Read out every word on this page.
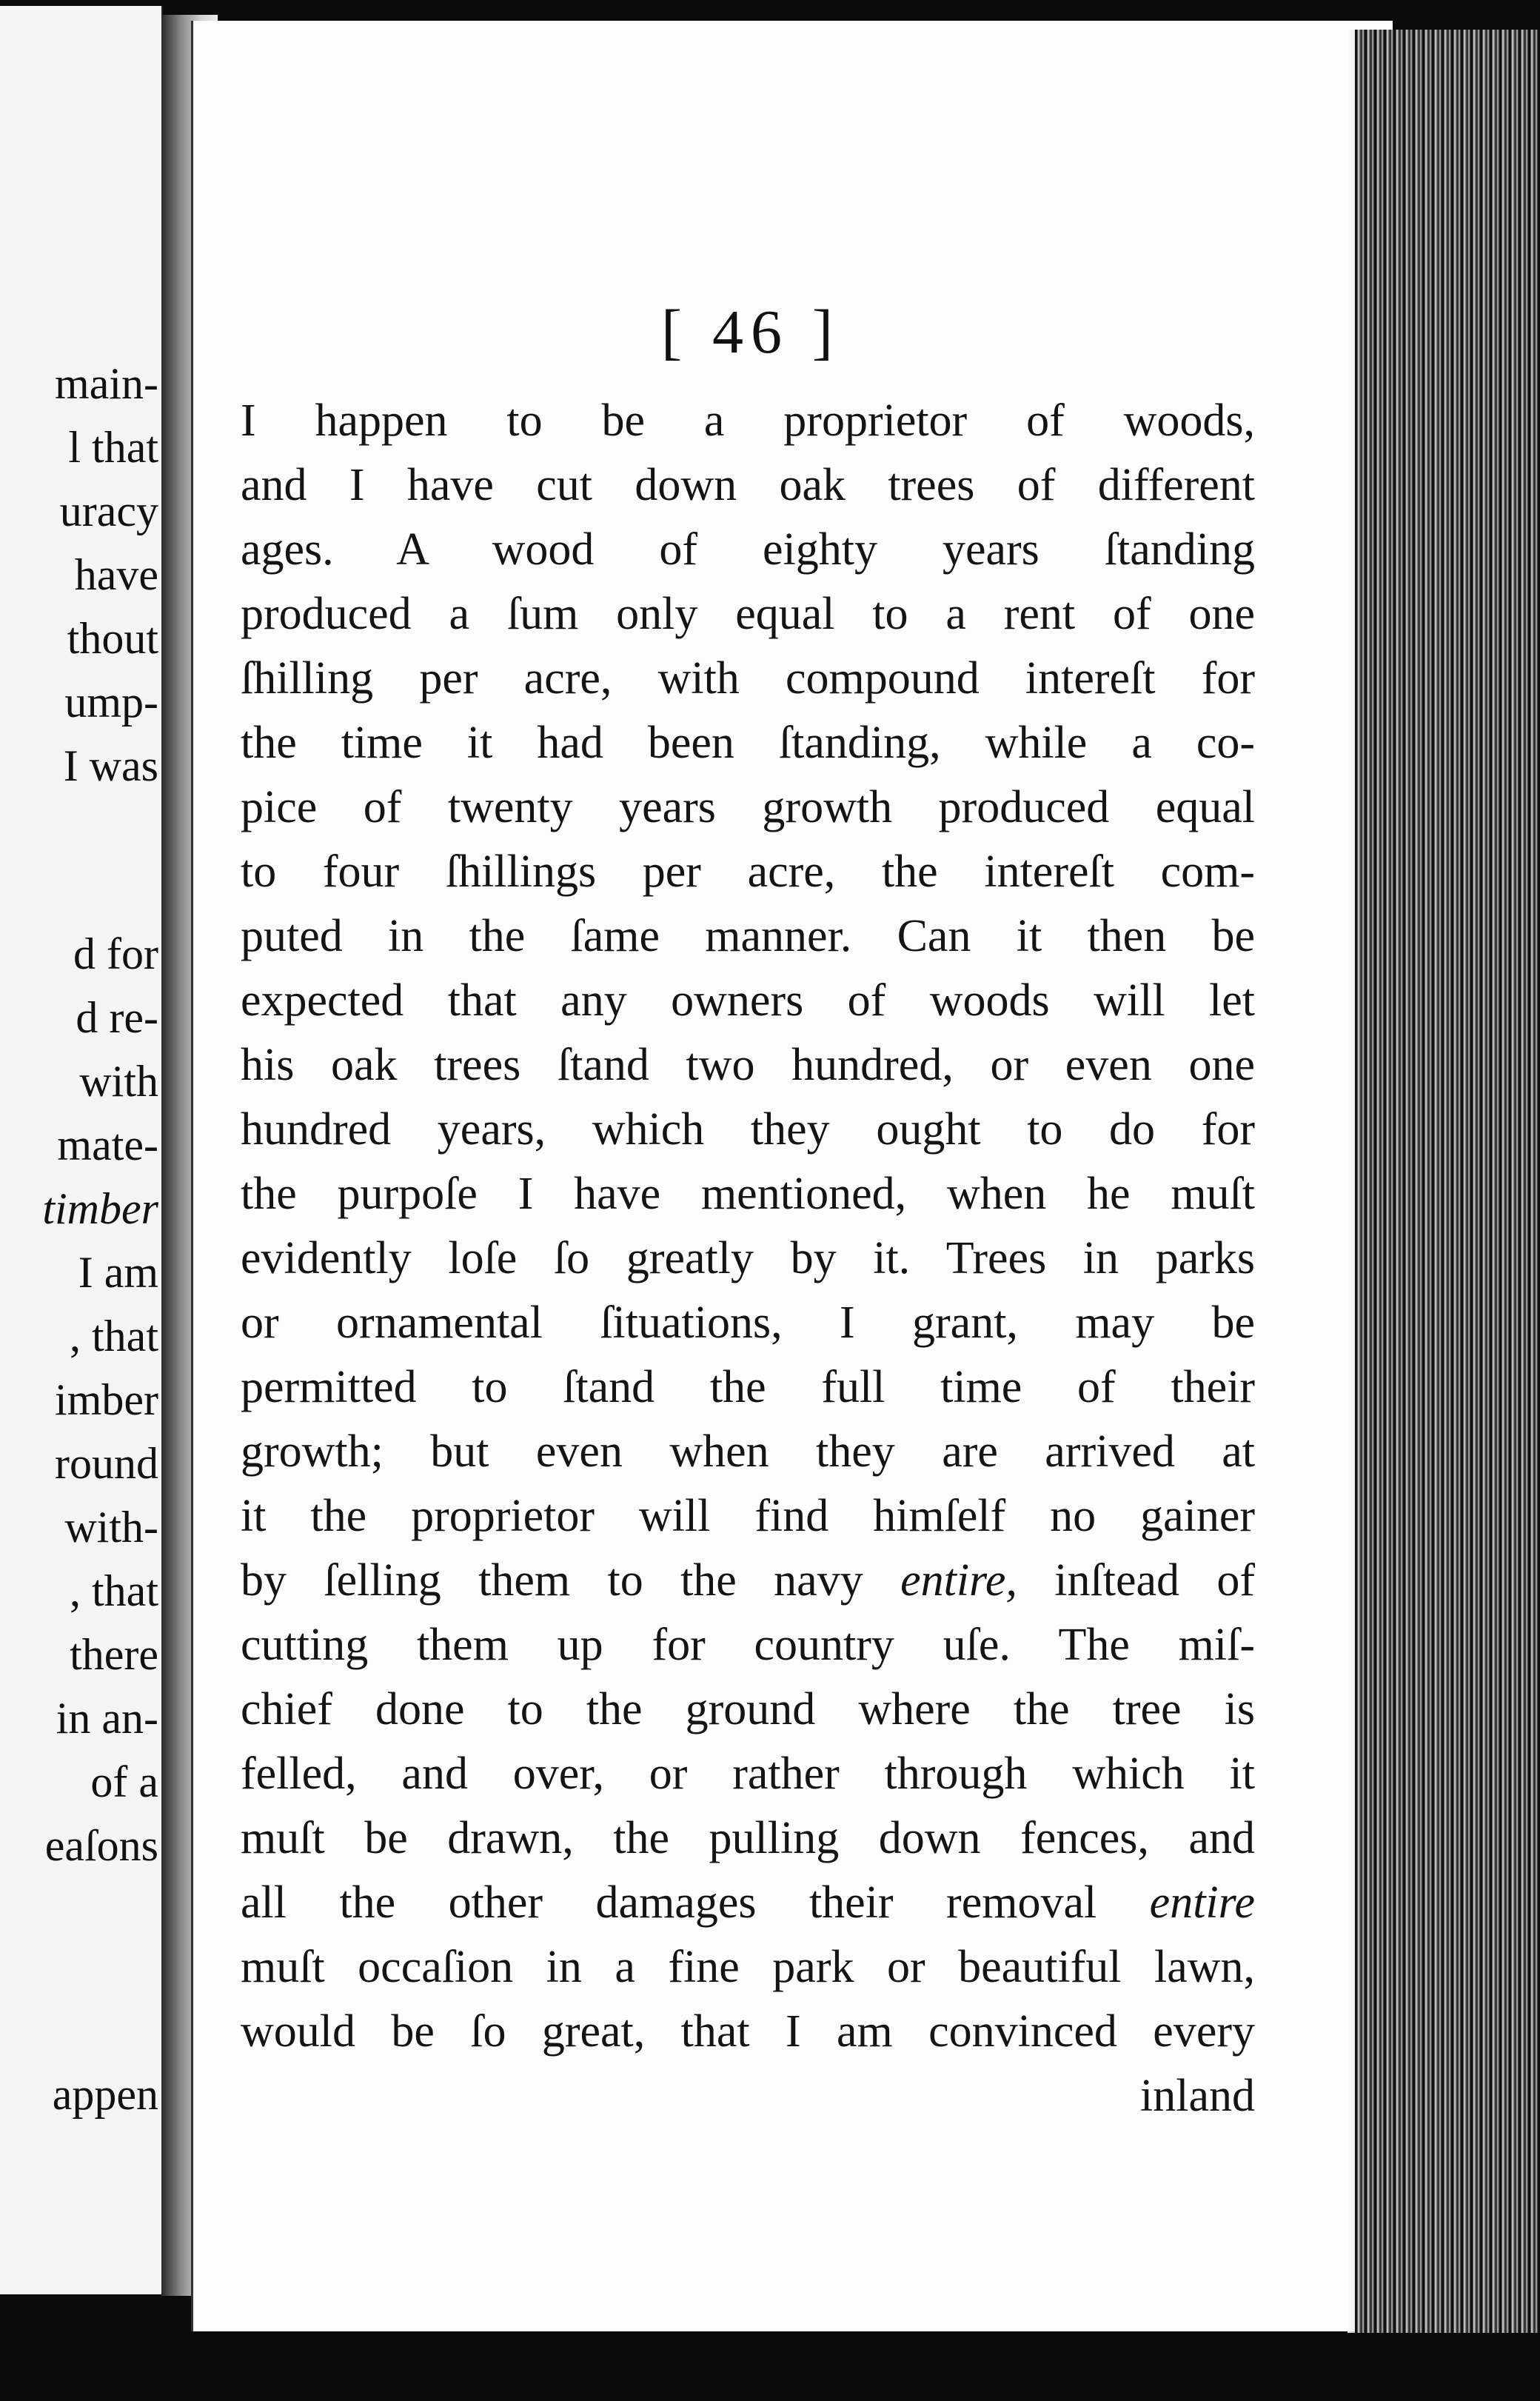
main-
l that
uracy
have
thout
ump-
I was
d for
d re-
with
mate-
timber
I am
, that
imber
round
with-
, that
there
in an-
of a
eaſons
appen
[ 46 ]
I happen to be a proprietor of woods,
and I have cut down oak trees of different
ages. A wood of eighty years ſtanding
produced a ſum only equal to a rent of one
ſhilling per acre, with compound intereſt for
the time it had been ſtanding, while a co-
pice of twenty years growth produced equal
to four ſhillings per acre, the intereſt com-
puted in the ſame manner. Can it then be
expected that any owners of woods will let
his oak trees ſtand two hundred, or even one
hundred years, which they ought to do for
the purpoſe I have mentioned, when he muſt
evidently loſe ſo greatly by it. Trees in parks
or ornamental ſituations, I grant, may be
permitted to ſtand the full time of their
growth; but even when they are arrived at
it the proprietor will find himſelf no gainer
by ſelling them to the navy entire, inſtead of
cutting them up for country uſe. The miſ-
chief done to the ground where the tree is
felled, and over, or rather through which it
muſt be drawn, the pulling down fences, and
all the other damages their removal entire
muſt occaſion in a fine park or beautiful lawn,
would be ſo great, that I am convinced every
inland
